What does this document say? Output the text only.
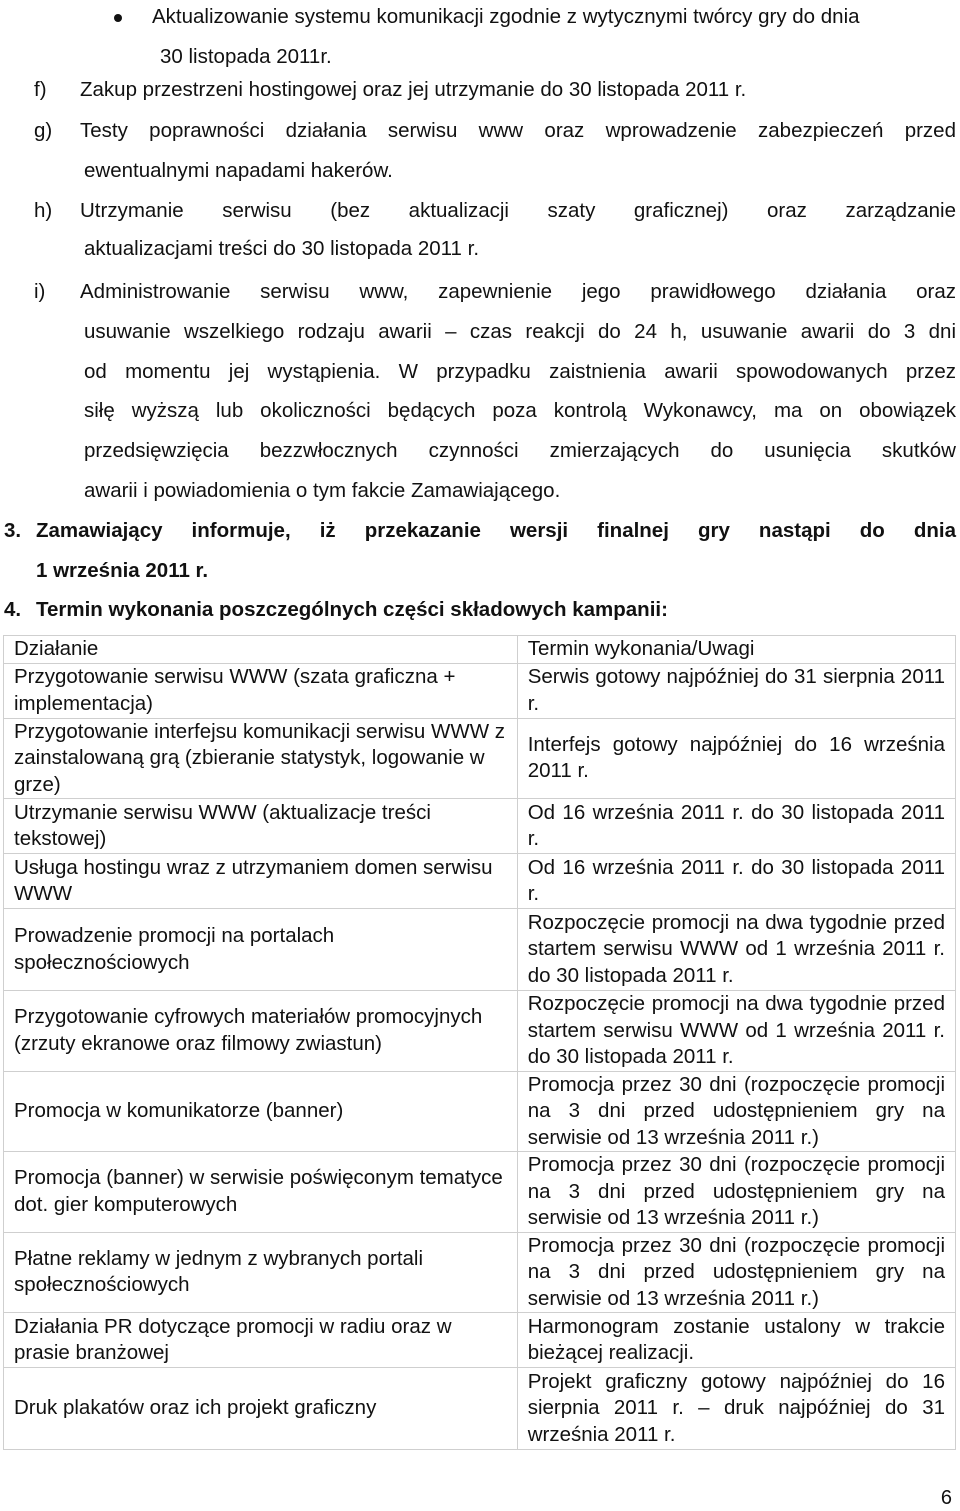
Aktualizowanie systemu komunikacji zgodnie z wytycznymi twórcy gry do dnia
30 listopada 2011r.
f) Zakup przestrzeni hostingowej oraz jej utrzymanie do 30 listopada 2011 r.
g) Testy poprawności działania serwisu www oraz wprowadzenie zabezpieczeń przed
ewentualnymi napadami hakerów.
h) Utrzymanie serwisu (bez aktualizacji szaty graficznej) oraz zarządzanie
aktualizacjami treści do 30 listopada 2011 r.
i) Administrowanie serwisu www, zapewnienie jego prawidłowego działania oraz
usuwanie wszelkiego rodzaju awarii – czas reakcji do 24 h, usuwanie awarii do 3 dni
od momentu jej wystąpienia. W przypadku zaistnienia awarii spowodowanych przez
siłę wyższą lub okoliczności będących poza kontrolą Wykonawcy, ma on obowiązek
przedsięwzięcia bezzwłocznych czynności zmierzających do usunięcia skutków
awarii i powiadomienia o tym fakcie Zamawiającego.
3. Zamawiający informuje, iż przekazanie wersji finalnej gry nastąpi do dnia
1 września 2011 r.
4. Termin wykonania poszczególnych części składowych kampanii:
Działanie	Termin wykonania/Uwagi
Przygotowanie serwisu WWW (szata graficzna + implementacja)	Serwis gotowy najpóźniej do 31 sierpnia 2011 r.
Przygotowanie interfejsu komunikacji serwisu WWW z zainstalowaną grą (zbieranie statystyk, logowanie w grze)	Interfejs gotowy najpóźniej do 16 września 2011 r.
Utrzymanie serwisu WWW (aktualizacje treści tekstowej)	Od 16 września 2011 r. do 30 listopada 2011 r.
Usługa hostingu wraz z utrzymaniem domen serwisu WWW	Od 16 września 2011 r. do 30 listopada 2011 r.
Prowadzenie promocji na portalach społecznościowych	Rozpoczęcie promocji na dwa tygodnie przed startem serwisu WWW od 1 września 2011 r. do 30 listopada 2011 r.
Przygotowanie cyfrowych materiałów promocyjnych (zrzuty ekranowe oraz filmowy zwiastun)	Rozpoczęcie promocji na dwa tygodnie przed startem serwisu WWW od 1 września 2011 r. do 30 listopada 2011 r.
Promocja w komunikatorze (banner)	Promocja przez 30 dni (rozpoczęcie promocji na 3 dni przed udostępnieniem gry na serwisie od 13 września 2011 r.)
Promocja (banner) w serwisie poświęconym tematyce dot. gier komputerowych	Promocja przez 30 dni (rozpoczęcie promocji na 3 dni przed udostępnieniem gry na serwisie od 13 września 2011 r.)
Płatne reklamy w jednym z wybranych portali społecznościowych	Promocja przez 30 dni (rozpoczęcie promocji na 3 dni przed udostępnieniem gry na serwisie od 13 września 2011 r.)
Działania PR dotyczące promocji w radiu oraz w prasie branżowej	Harmonogram zostanie ustalony w trakcie bieżącej realizacji.
Druk plakatów oraz ich projekt graficzny	Projekt graficzny gotowy najpóźniej do 16 sierpnia 2011 r. – druk najpóźniej do 31 września 2011 r.
6
